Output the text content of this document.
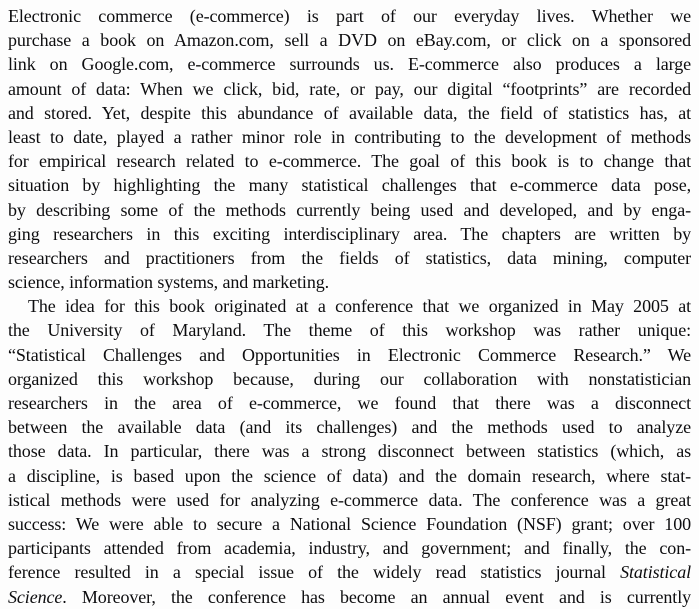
Electronic commerce (e-commerce) is part of our everyday lives. Whether we
purchase a book on Amazon.com, sell a DVD on eBay.com, or click on a sponsored
link on Google.com, e-commerce surrounds us. E-commerce also produces a large
amount of data: When we click, bid, rate, or pay, our digital “footprints” are recorded
and stored. Yet, despite this abundance of available data, the field of statistics has, at
least to date, played a rather minor role in contributing to the development of methods
for empirical research related to e-commerce. The goal of this book is to change that
situation by highlighting the many statistical challenges that e-commerce data pose,
by describing some of the methods currently being used and developed, and by enga-
ging researchers in this exciting interdisciplinary area. The chapters are written by
researchers and practitioners from the fields of statistics, data mining, computer
science, information systems, and marketing.
The idea for this book originated at a conference that we organized in May 2005 at
the University of Maryland. The theme of this workshop was rather unique:
“Statistical Challenges and Opportunities in Electronic Commerce Research.” We
organized this workshop because, during our collaboration with nonstatistician
researchers in the area of e-commerce, we found that there was a disconnect
between the available data (and its challenges) and the methods used to analyze
those data. In particular, there was a strong disconnect between statistics (which, as
a discipline, is based upon the science of data) and the domain research, where stat-
istical methods were used for analyzing e-commerce data. The conference was a great
success: We were able to secure a National Science Foundation (NSF) grant; over 100
participants attended from academia, industry, and government; and finally, the con-
ference resulted in a special issue of the widely read statistics journal Statistical
Science. Moreover, the conference has become an annual event and is currently
